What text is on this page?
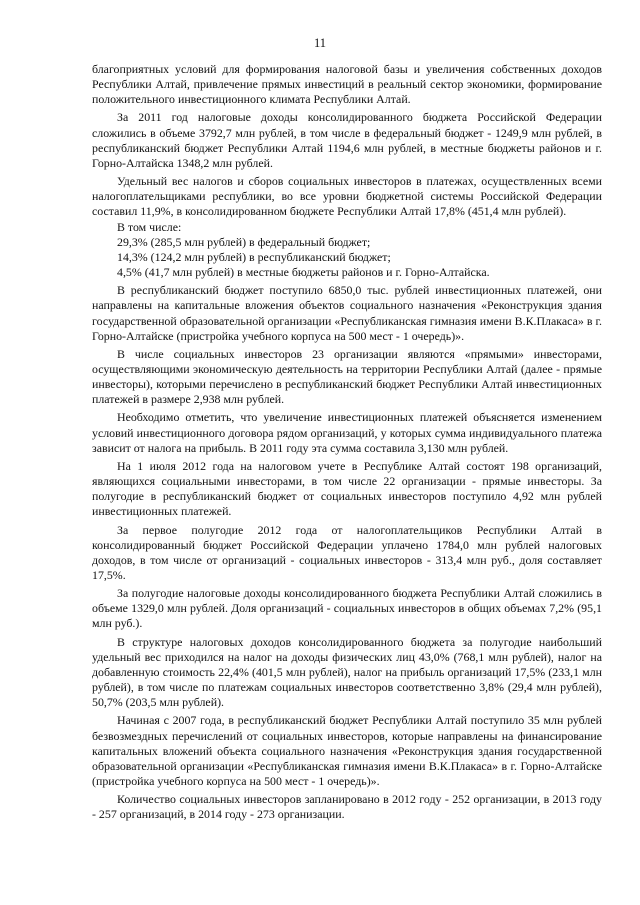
11

благоприятных условий для формирования налоговой базы и увеличения собственных доходов Республики Алтай, привлечение прямых инвестиций в реальный сектор экономики, формирование положительного инвестиционного климата Республики Алтай.

За 2011 год налоговые доходы консолидированного бюджета Российской Федерации сложились в объеме 3792,7 млн рублей, в том числе в федеральный бюджет - 1249,9 млн рублей, в республиканский бюджет Республики Алтай 1194,6 млн рублей, в местные бюджеты районов и г. Горно-Алтайска 1348,2 млн рублей.

Удельный вес налогов и сборов социальных инвесторов в платежах, осуществленных всеми налогоплательщиками республики, во все уровни бюджетной системы Российской Федерации составил 11,9%, в консолидированном бюджете Республики Алтай 17,8% (451,4 млн рублей).

В том числе:

29,3% (285,5 млн рублей) в федеральный бюджет;

14,3% (124,2 млн рублей) в республиканский бюджет;

4,5% (41,7 млн рублей) в местные бюджеты районов и г. Горно-Алтайска.

В республиканский бюджет поступило 6850,0 тыс. рублей инвестиционных платежей, они направлены на капитальные вложения объектов социального назначения «Реконструкция здания государственной образовательной организации «Республиканская гимназия имени В.К.Плакаса» в г. Горно-Алтайске (пристройка учебного корпуса на 500 мест - 1 очередь)».

В числе социальных инвесторов 23 организации являются «прямыми» инвесторами, осуществляющими экономическую деятельность на территории Республики Алтай (далее - прямые инвесторы), которыми перечислено в республиканский бюджет Республики Алтай инвестиционных платежей в размере 2,938 млн рублей.

Необходимо отметить, что увеличение инвестиционных платежей объясняется изменением условий инвестиционного договора рядом организаций, у которых сумма индивидуального платежа зависит от налога на прибыль. В 2011 году эта сумма составила 3,130 млн рублей.

На 1 июля 2012 года на налоговом учете в Республике Алтай состоят 198 организаций, являющихся социальными инвесторами, в том числе 22 организации - прямые инвесторы. За полугодие в республиканский бюджет от социальных инвесторов поступило 4,92 млн рублей инвестиционных платежей.

За первое полугодие 2012 года от налогоплательщиков Республики Алтай в консолидированный бюджет Российской Федерации уплачено 1784,0 млн рублей налоговых доходов, в том числе от организаций - социальных инвесторов - 313,4 млн руб., доля составляет 17,5%.

За полугодие налоговые доходы консолидированного бюджета Республики Алтай сложились в объеме 1329,0 млн рублей. Доля организаций - социальных инвесторов в общих объемах 7,2% (95,1 млн руб.).

В структуре налоговых доходов консолидированного бюджета за полугодие наибольший удельный вес приходился на налог на доходы физических лиц 43,0% (768,1 млн рублей), налог на добавленную стоимость 22,4% (401,5 млн рублей), налог на прибыль организаций 17,5% (233,1 млн рублей), в том числе по платежам социальных инвесторов соответственно 3,8% (29,4 млн рублей), 50,7% (203,5 млн рублей).

Начиная с 2007 года, в республиканский бюджет Республики Алтай поступило 35 млн рублей безвозмездных перечислений от социальных инвесторов, которые направлены на финансирование капитальных вложений объекта социального назначения «Реконструкция здания государственной образовательной организации «Республиканская гимназия имени В.К.Плакаса» в г. Горно-Алтайске (пристройка учебного корпуса на 500 мест - 1 очередь)».

Количество социальных инвесторов запланировано в 2012 году - 252 организации, в 2013 году - 257 организаций, в 2014 году - 273 организации.
